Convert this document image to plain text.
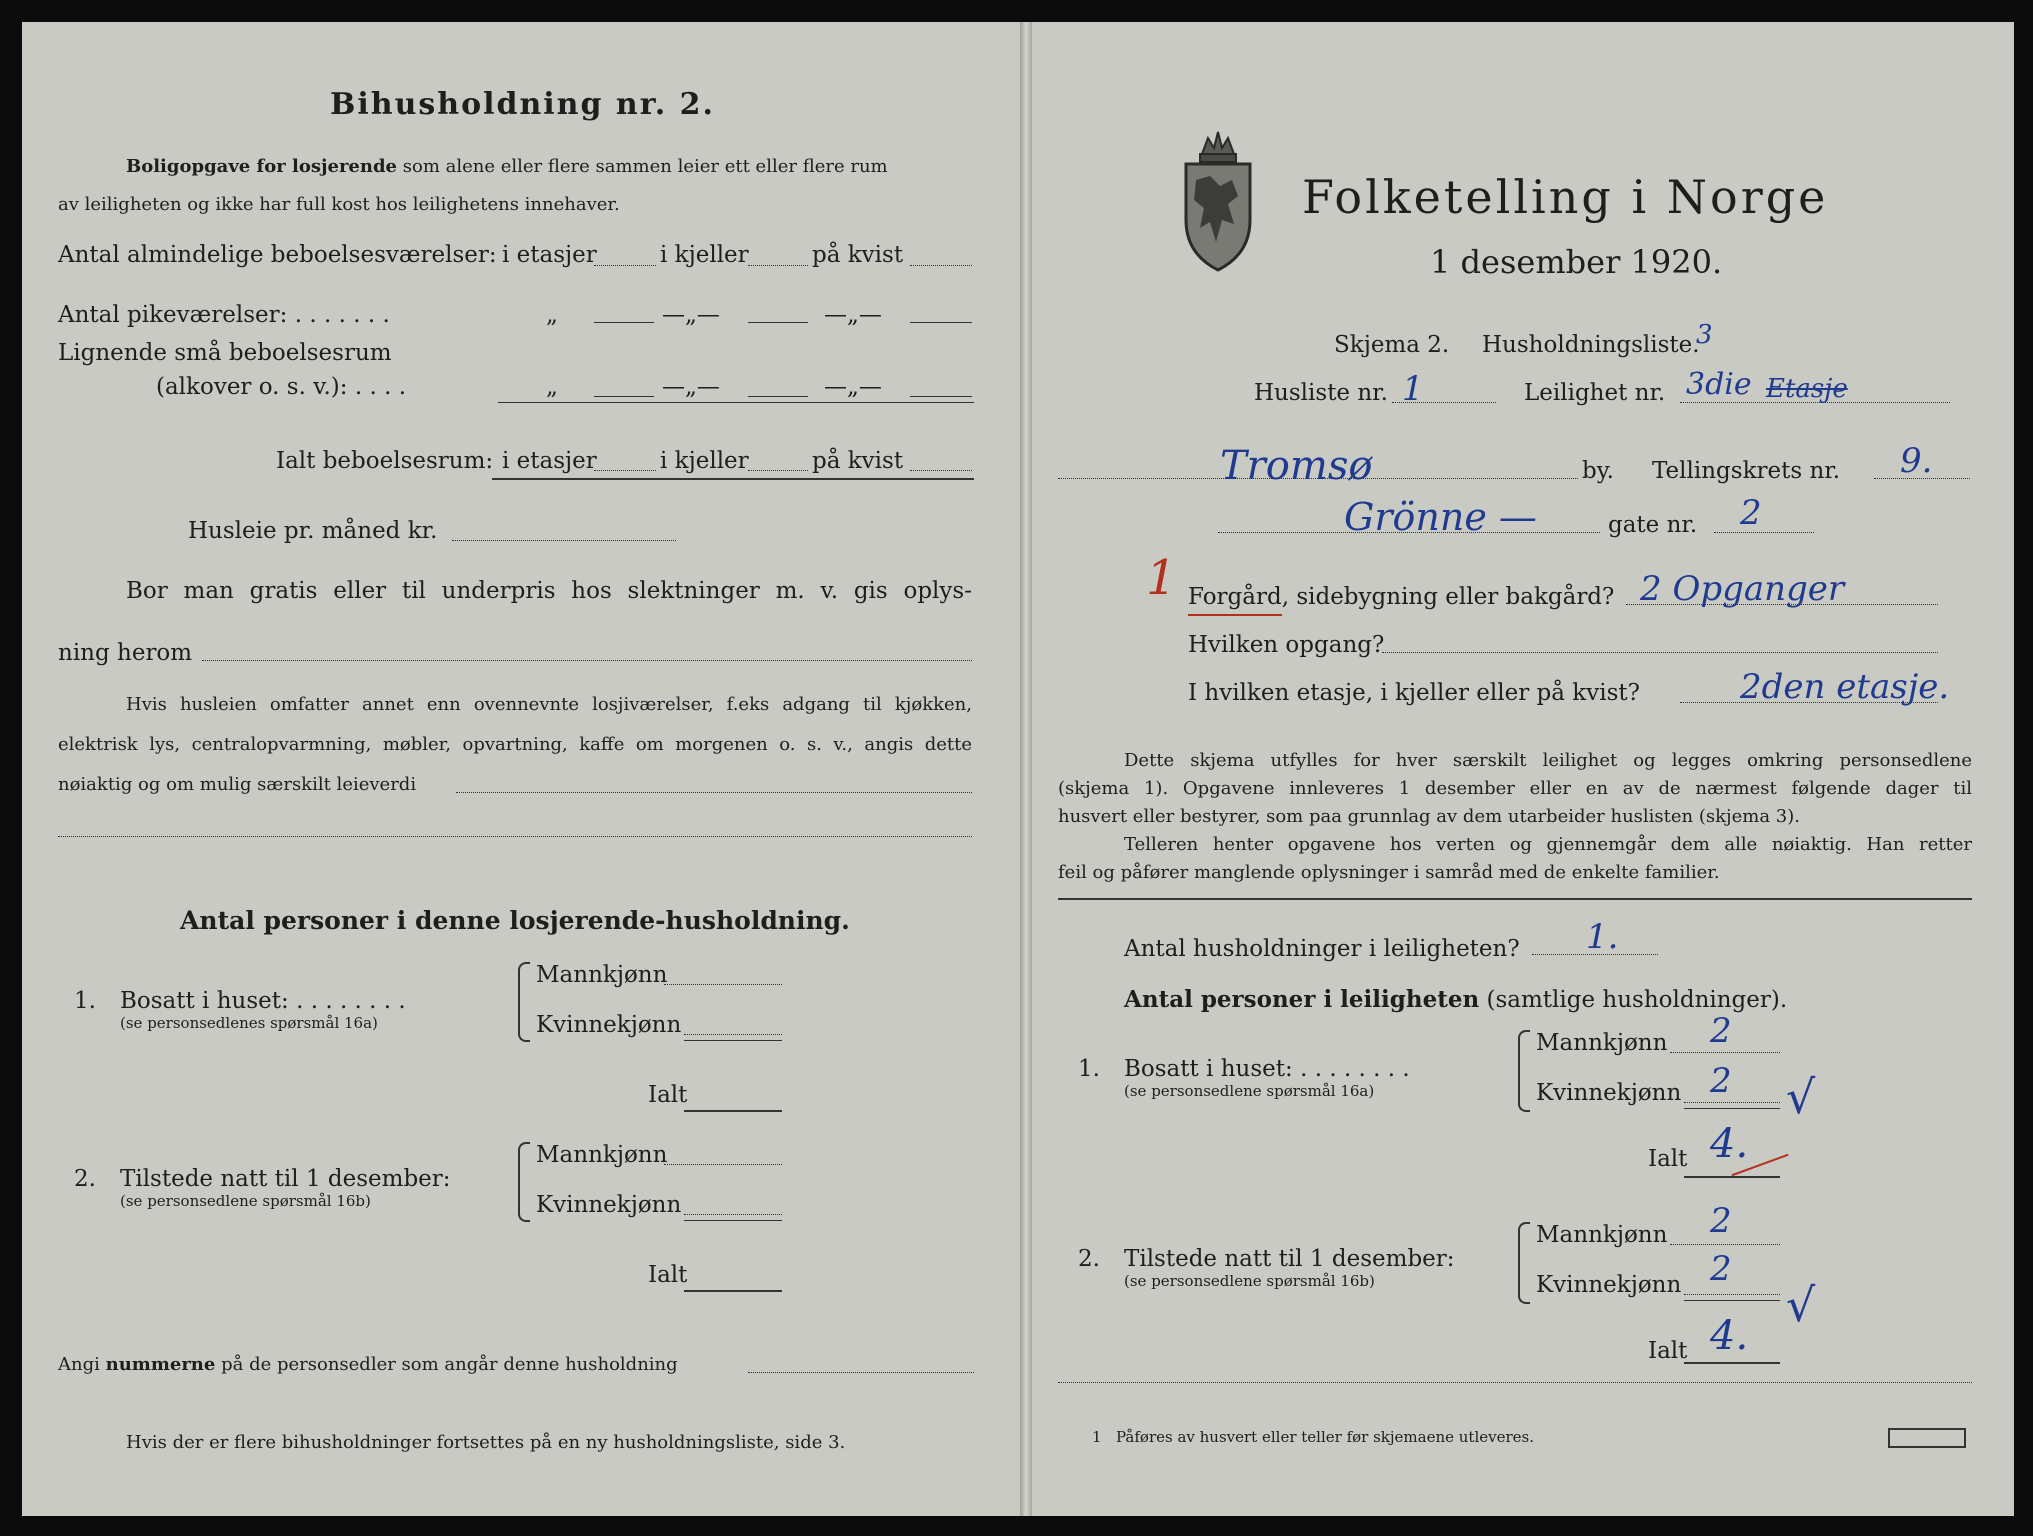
Bihusholdning nr. 2.
Boligopgave for losjerende som alene eller flere sammen leier ett eller flere rum
av leiligheten og ikke har full kost hos leilighetens innehaver.
Antal almindelige beboelsesværelser: i etasjer	i kjeller	på kvist
Antal pikeværelser: . . . . . . .	„	—„—	—„—
Lignende små beboelsesrum
(alkover o. s. v.): . . . .	„	—„—	—„—
Ialt beboelsesrum: i etasjer	i kjeller	på kvist
Husleie pr. måned kr.
Bor man gratis eller til underpris hos slektninger m. v. gis oplys-
ning herom
Hvis husleien omfatter annet enn ovennevnte losjiværelser, f.eks adgang til kjøkken,
elektrisk lys, centralopvarmning, møbler, opvartning, kaffe om morgenen o. s. v., angis dette
nøiaktig og om mulig særskilt leieverdi
Antal personer i denne losjerende-husholdning.
1. Bosatt i huset: . . . . . . . .
(se personsedlenes spørsmål 16a)
Mannkjønn
Kvinnekjønn
Ialt
2. Tilstede natt til 1 desember:
(se personsedlene spørsmål 16b)
Mannkjønn
Kvinnekjønn
Ialt
Angi nummerne på de personsedler som angår denne husholdning
Hvis der er flere bihusholdninger fortsettes på en ny husholdningsliste, side 3.
Folketelling i Norge
1 desember 1920.
Skjema 2. Husholdningsliste.
3
Husliste nr. 1	Leilighet nr. 3die Etasje
Tromsø	by. Tellingskrets nr. 9.
Grönne —	gate nr. 2
1 Forgård, sidebygning eller bakgård? 2 Opganger
Hvilken opgang?
I hvilken etasje, i kjeller eller på kvist?	2den etasje.
Dette skjema utfylles for hver særskilt leilighet og legges omkring personsedlene
(skjema 1). Opgavene innleveres 1 desember eller en av de nærmest følgende dager til
husvert eller bestyrer, som paa grunnlag av dem utarbeider huslisten (skjema 3).
Telleren henter opgavene hos verten og gjennemgår dem alle nøiaktig. Han retter
feil og påfører manglende oplysninger i samråd med de enkelte familier.
Antal husholdninger i leiligheten? 1.
Antal personer i leiligheten (samtlige husholdninger).
1. Bosatt i huset: . . . . . . . .
(se personsedlene spørsmål 16a)
Mannkjønn 2
Kvinnekjønn 2 √
Ialt 4.
2. Tilstede natt til 1 desember:
(se personsedlene spørsmål 16b)
Mannkjønn 2
Kvinnekjønn 2
√
Ialt 4.
1 Påføres av husvert eller teller før skjemaene utleveres.
